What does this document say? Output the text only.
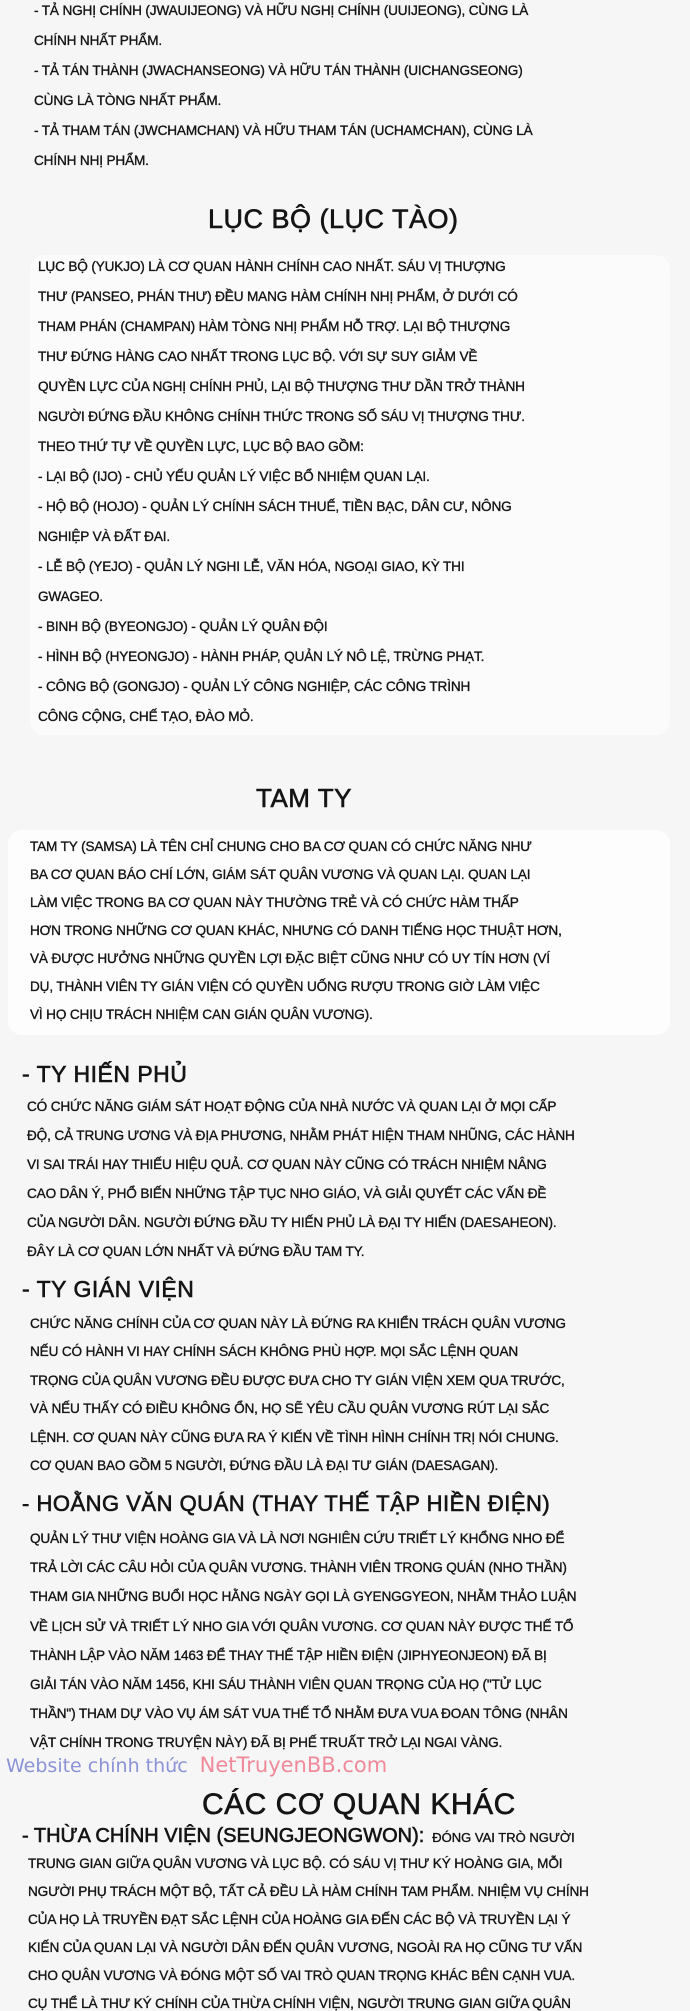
- TẢ NGHỊ CHÍNH (JWAUIJEONG) VÀ HỮU NGHỊ CHÍNH (UUIJEONG), CÙNG LÀ
CHÍNH NHẤT PHẨM.
- TẢ TÁN THÀNH (JWACHANSEONG) VÀ HỮU TÁN THÀNH (UICHANGSEONG)
CÙNG LÀ TÒNG NHẤT PHẨM.
- TẢ THAM TÁN (JWCHAMCHAN) VÀ HỮU THAM TÁN (UCHAMCHAN), CÙNG LÀ
CHÍNH NHỊ PHẨM.
LỤC BỘ (LỤC TÀO)
LỤC BỘ (YUKJO) LÀ CƠ QUAN HÀNH CHÍNH CAO NHẤT. SÁU VỊ THƯỢNG
THƯ (PANSEO, PHÁN THƯ) ĐỀU MANG HÀM CHÍNH NHỊ PHẨM, Ở DƯỚI CÓ
THAM PHÁN (CHAMPAN) HÀM TÒNG NHỊ PHẨM HỖ TRỢ. LẠI BỘ THƯỢNG
THƯ ĐỨNG HÀNG CAO NHẤT TRONG LỤC BỘ. VỚI SỰ SUY GIẢM VỀ
QUYỀN LỰC CỦA NGHỊ CHÍNH PHỦ, LẠI BỘ THƯỢNG THƯ DẦN TRỞ THÀNH
NGƯỜI ĐỨNG ĐẦU KHÔNG CHÍNH THỨC TRONG SỐ SÁU VỊ THƯỢNG THƯ.
THEO THỨ TỰ VỀ QUYỀN LỰC, LỤC BỘ BAO GỒM:
- LẠI BỘ (IJO) - CHỦ YẾU QUẢN LÝ VIỆC BỔ NHIỆM QUAN LẠI.
- HỘ BỘ (HOJO) - QUẢN LÝ CHÍNH SÁCH THUẾ, TIỀN BẠC, DÂN CƯ, NÔNG
NGHIỆP VÀ ĐẤT ĐAI.
- LỄ BỘ (YEJO) - QUẢN LÝ NGHI LỄ, VĂN HÓA, NGOẠI GIAO, KỲ THI
GWAGEO.
- BINH BỘ (BYEONGJO) - QUẢN LÝ QUÂN ĐỘI
- HÌNH BỘ (HYEONGJO) - HÀNH PHÁP, QUẢN LÝ NÔ LỆ, TRỪNG PHẠT.
- CÔNG BỘ (GONGJO) - QUẢN LÝ CÔNG NGHIỆP, CÁC CÔNG TRÌNH
CÔNG CỘNG, CHẾ TẠO, ĐÀO MỎ.
TAM TY
TAM TY (SAMSA) LÀ TÊN CHỈ CHUNG CHO BA CƠ QUAN CÓ CHỨC NĂNG NHƯ
BA CƠ QUAN BÁO CHÍ LỚN, GIÁM SÁT QUÂN VƯƠNG VÀ QUAN LẠI. QUAN LẠI
LÀM VIỆC TRONG BA CƠ QUAN NÀY THƯỜNG TRẺ VÀ CÓ CHỨC HÀM THẤP
HƠN TRONG NHỮNG CƠ QUAN KHÁC, NHƯNG CÓ DANH TIẾNG HỌC THUẬT HƠN,
VÀ ĐƯỢC HƯỞNG NHỮNG QUYỀN LỢI ĐẶC BIỆT CŨNG NHƯ CÓ UY TÍN HƠN (VÍ
DỤ, THÀNH VIÊN TY GIÁN VIỆN CÓ QUYỀN UỐNG RƯỢU TRONG GIỜ LÀM VIỆC
VÌ HỌ CHỊU TRÁCH NHIỆM CAN GIÁN QUÂN VƯƠNG).
- TY HIẾN PHỦ
CÓ CHỨC NĂNG GIÁM SÁT HOẠT ĐỘNG CỦA NHÀ NƯỚC VÀ QUAN LẠI Ở MỌI CẤP
ĐỘ, CẢ TRUNG ƯƠNG VÀ ĐỊA PHƯƠNG, NHẰM PHÁT HIỆN THAM NHŨNG, CÁC HÀNH
VI SAI TRÁI HAY THIẾU HIỆU QUẢ. CƠ QUAN NÀY CŨNG CÓ TRÁCH NHIỆM NÂNG
CAO DÂN Ý, PHỔ BIẾN NHỮNG TẬP TỤC NHO GIÁO, VÀ GIẢI QUYẾT CÁC VẤN ĐỀ
CỦA NGƯỜI DÂN. NGƯỜI ĐỨNG ĐẦU TY HIẾN PHỦ LÀ ĐẠI TY HIẾN (DAESAHEON).
ĐÂY LÀ CƠ QUAN LỚN NHẤT VÀ ĐỨNG ĐẦU TAM TY.
- TY GIÁN VIỆN
CHỨC NĂNG CHÍNH CỦA CƠ QUAN NÀY LÀ ĐỨNG RA KHIỂN TRÁCH QUÂN VƯƠNG
NẾU CÓ HÀNH VI HAY CHÍNH SÁCH KHÔNG PHÙ HỢP. MỌI SẮC LỆNH QUAN
TRỌNG CỦA QUÂN VƯƠNG ĐỀU ĐƯỢC ĐƯA CHO TY GIÁN VIỆN XEM QUA TRƯỚC,
VÀ NẾU THẤY CÓ ĐIỀU KHÔNG ỔN, HỌ SẼ YÊU CẦU QUÂN VƯƠNG RÚT LẠI SẮC
LỆNH. CƠ QUAN NÀY CŨNG ĐƯA RA Ý KIẾN VỀ TÌNH HÌNH CHÍNH TRỊ NÓI CHUNG.
CƠ QUAN BAO GỒM 5 NGƯỜI, ĐỨNG ĐẦU LÀ ĐẠI TƯ GIÁN (DAESAGAN).
- HOẰNG VĂN QUÁN (THAY THẾ TẬP HIỀN ĐIỆN)
QUẢN LÝ THƯ VIỆN HOÀNG GIA VÀ LÀ NƠI NGHIÊN CỨU TRIẾT LÝ KHỔNG NHO ĐỂ
TRẢ LỜI CÁC CÂU HỎI CỦA QUÂN VƯƠNG. THÀNH VIÊN TRONG QUÁN (NHO THẦN)
THAM GIA NHỮNG BUỔI HỌC HẰNG NGÀY GỌI LÀ GYENGGYEON, NHẰM THẢO LUẬN
VỀ LỊCH SỬ VÀ TRIẾT LÝ NHO GIA VỚI QUÂN VƯƠNG. CƠ QUAN NÀY ĐƯỢC THẾ TỔ
THÀNH LẬP VÀO NĂM 1463 ĐỂ THAY THẾ TẬP HIỀN ĐIỆN (JIPHYEONJEON) ĐÃ BỊ
GIẢI TÁN VÀO NĂM 1456, KHI SÁU THÀNH VIÊN QUAN TRỌNG CỦA HỌ ("TỬ LỤC
THẦN") THAM DỰ VÀO VỤ ÁM SÁT VUA THẾ TỔ NHẰM ĐƯA VUA ĐOAN TÔNG (NHÂN
VẬT CHÍNH TRONG TRUYỆN NÀY) ĐÃ BỊ PHẾ TRUẤT TRỞ LẠI NGAI VÀNG.
Website chính thức NetTruyenBB.com
CÁC CƠ QUAN KHÁC
- THỪA CHÍNH VIỆN (SEUNGJEONGWON): ĐÓNG VAI TRÒ NGƯỜI
TRUNG GIAN GIỮA QUÂN VƯƠNG VÀ LỤC BỘ. CÓ SÁU VỊ THƯ KÝ HOÀNG GIA, MỖI
NGƯỜI PHỤ TRÁCH MỘT BỘ, TẤT CẢ ĐỀU LÀ HÀM CHÍNH TAM PHẨM. NHIỆM VỤ CHÍNH
CỦA HỌ LÀ TRUYỀN ĐẠT SẮC LỆNH CỦA HOÀNG GIA ĐẾN CÁC BỘ VÀ TRUYỀN LẠI Ý
KIẾN CỦA QUAN LẠI VÀ NGƯỜI DÂN ĐẾN QUÂN VƯƠNG, NGOÀI RA HỌ CŨNG TƯ VẤN
CHO QUÂN VƯƠNG VÀ ĐÓNG MỘT SỐ VAI TRÒ QUAN TRỌNG KHÁC BÊN CẠNH VUA.
CỤ THỂ LÀ THƯ KÝ CHÍNH CỦA THỪA CHÍNH VIỆN, NGƯỜI TRUNG GIAN GIỮA QUÂN
